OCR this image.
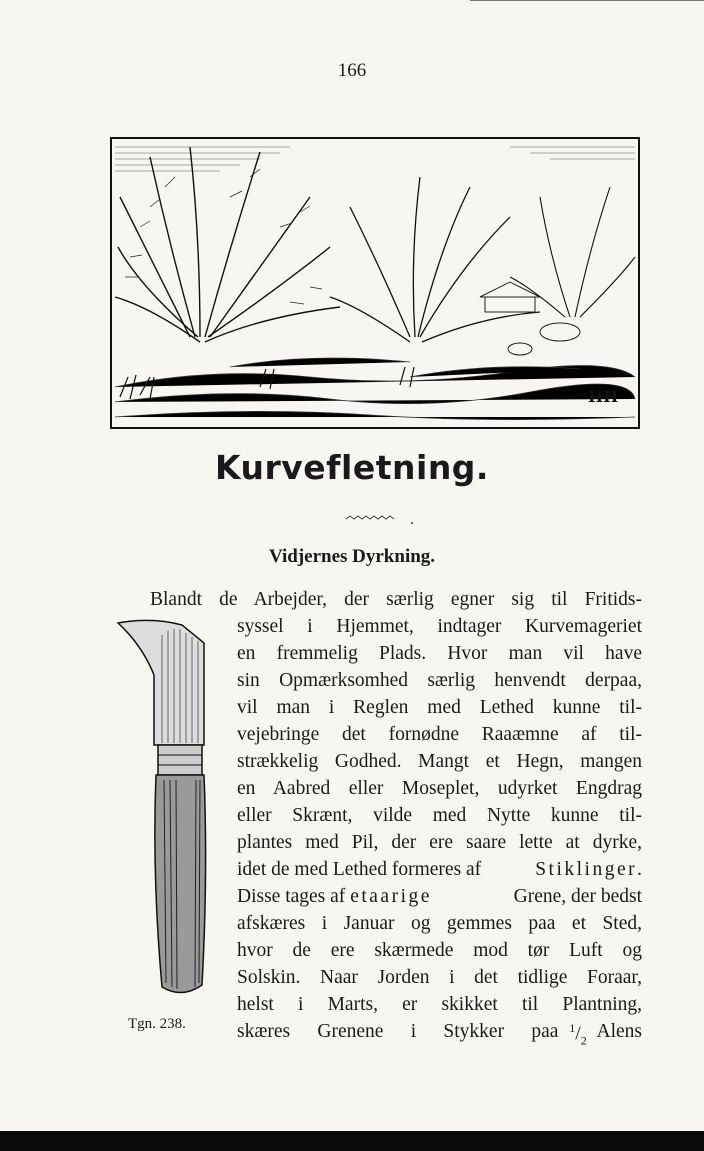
166
HH
Kurvefletning.
Vidjernes Dyrkning.
Blandt de Arbejder, der særlig egner sig til Fritids-
syssel i Hjemmet, indtager Kurvemageriet
en fremmelig Plads. Hvor man vil have
sin Opmærksomhed særlig henvendt derpaa,
vil man i Reglen med Lethed kunne til-
vejebringe det fornødne Raaæmne af til-
strækkelig Godhed. Mangt et Hegn, mangen
en Aabred eller Moseplet, udyrket Engdrag
eller Skrænt, vilde med Nytte kunne til-
plantes med Pil, der ere saare lette at dyrke,
idet de med Lethed formeres af	Stiklinger .
Disse tages af etaarige	Grene, der bedst
afskæres i Januar og gemmes paa et Sted,
hvor de ere skærmede mod tør Luft og
Solskin. Naar Jorden i det tidlige Foraar,
helst i Marts, er skikket til Plantning,
skæres Grenene i Stykker paa $^1/_2$ Alens
Tgn. 238.
